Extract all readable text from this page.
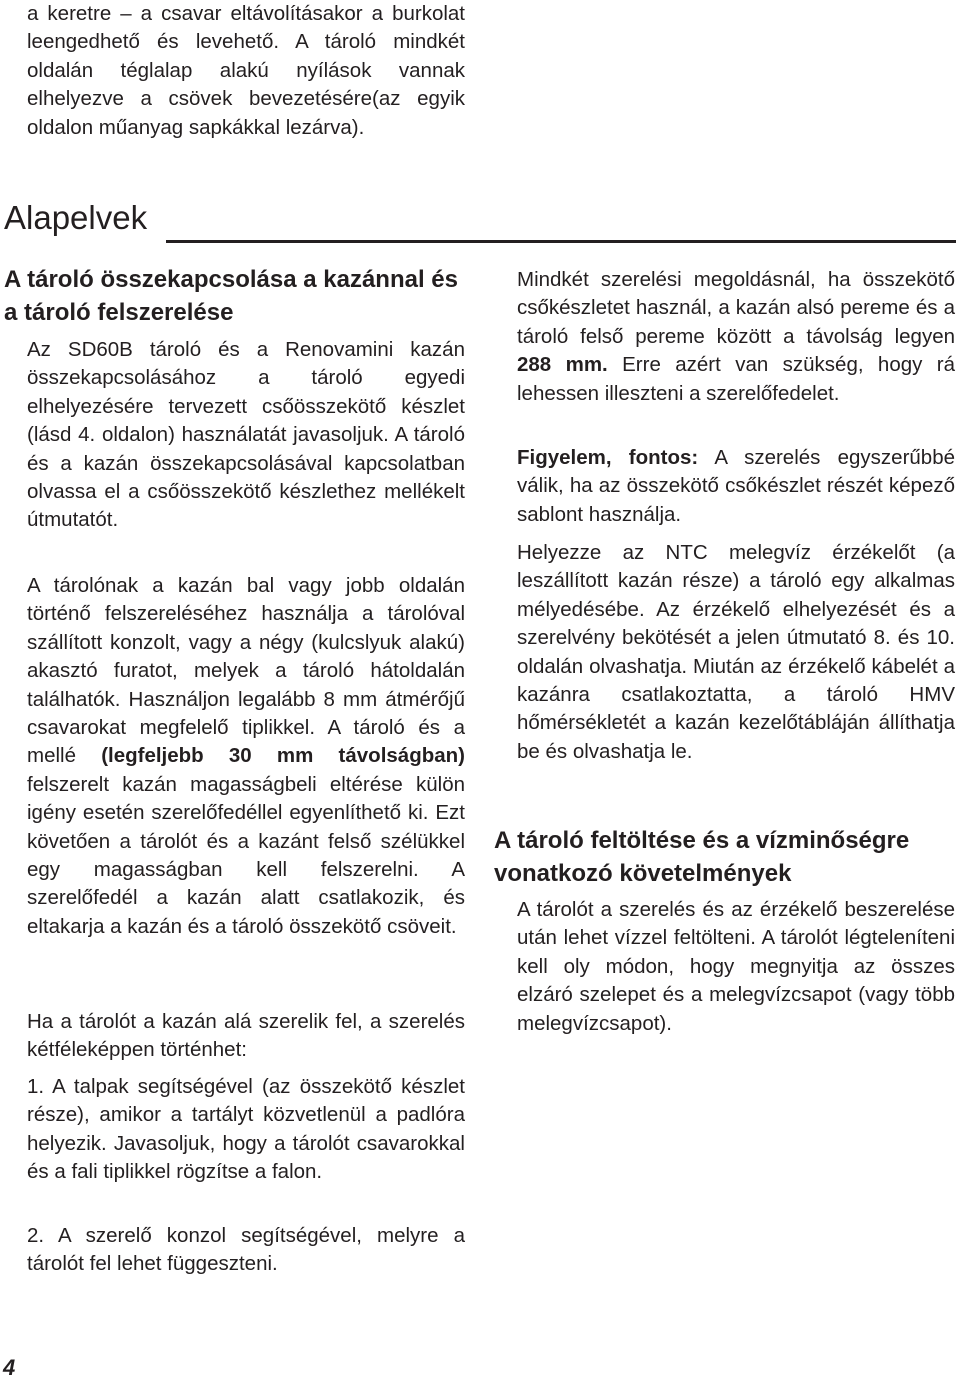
a keretre – a csavar eltávolításakor a burkolat leengedhető és levehető. A tároló mindkét oldalán téglalap alakú nyílások vannak elhelyezve a csövek bevezetésére(az egyik oldalon műanyag sapkákkal lezárva).

Alapelvek
A tároló összekapcsolása a kazánnal és a tároló felszerelése

Az SD60B tároló és a Renovamini kazán összekapcsolásához a tároló egyedi elhelyezésére tervezett csőösszekötő készlet (lásd 4. oldalon) használatát javasoljuk. A tároló és a kazán összekapcsolásával kapcsolatban olvassa el a csőösszekötő készlethez mellékelt útmutatót.

A tárolónak a kazán bal vagy jobb oldalán történő felszereléséhez használja a tárolóval szállított konzolt, vagy a négy (kulcslyuk alakú) akasztó furatot, melyek a tároló hátoldalán találhatók. Használjon legalább 8 mm átmérőjű csavarokat megfelelő tiplikkel. A tároló és a mellé (legfeljebb 30 mm távolságban) felszerelt kazán magasságbeli eltérése külön igény esetén szerelőfedéllel egyenlíthető ki. Ezt követően a tárolót és a kazánt felső szélükkel egy magasságban kell felszerelni. A szerelőfedél a kazán alatt csatlakozik, és eltakarja a kazán és a tároló összekötő csöveit.

Ha a tárolót a kazán alá szerelik fel, a szerelés kétféleképpen történhet:

1. A talpak segítségével (az összekötő készlet része), amikor a tartályt közvetlenül a padlóra helyezik. Javasoljuk, hogy a tárolót csavarokkal és a fali tiplikkel rögzítse a falon.

2. A szerelő konzol segítségével, melyre a tárolót fel lehet függeszteni.

Mindkét szerelési megoldásnál, ha összekötő csőkészletet használ, a kazán alsó pereme és a tároló felső pereme között a távolság legyen 288 mm. Erre azért van szükség, hogy rá lehessen illeszteni a szerelőfedelet.

Figyelem, fontos: A szerelés egyszerűbbé válik, ha az összekötő csőkészlet részét képező sablont használja.

Helyezze az NTC melegvíz érzékelőt (a leszállított kazán része) a tároló egy alkalmas mélyedésébe. Az érzékelő elhelyezését és a szerelvény bekötését a jelen útmutató 8. és 10. oldalán olvashatja. Miután az érzékelő kábelét a kazánra csatlakoztatta, a tároló HMV hőmérsékletét a kazán kezelőtábláján állíthatja be és olvashatja le.

A tároló feltöltése és a vízminőségre vonatkozó követelmények

A tárolót a szerelés és az érzékelő beszerelése után lehet vízzel feltölteni. A tárolót légteleníteni kell oly módon, hogy megnyitja az összes elzáró szelepet és a melegvízcsapot (vagy több melegvízcsapot).

4
